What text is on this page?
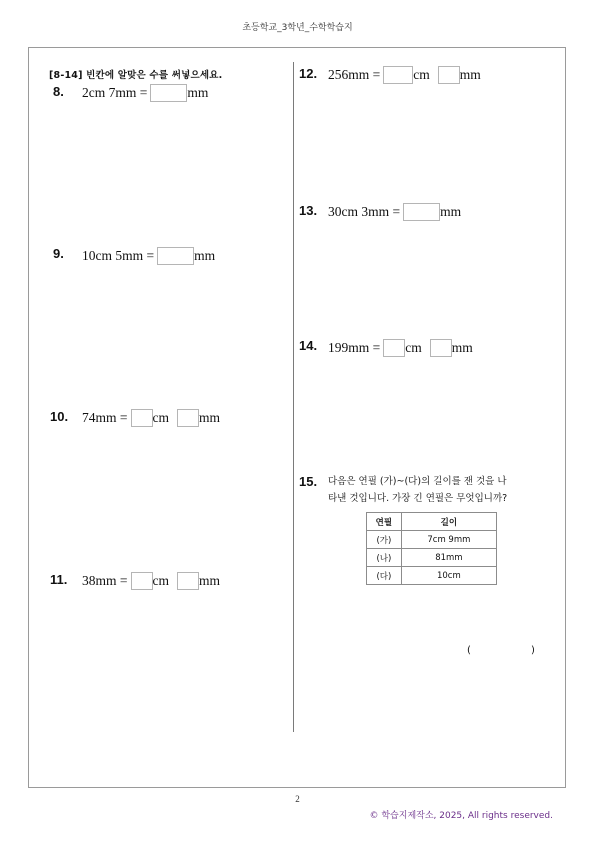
초등학교_3학년_수학학습지
[8-14] 빈칸에 알맞은 수를 써넣으세요.
8. 2cm 7mm =	mm
9. 10cm 5mm =	mm
10. 74mm = cm mm
11. 38mm = cm mm
12. 256mm = cm mm
13. 30cm 3mm =	mm
14. 199mm = cm mm
15. 다음은 연필 (가)~(다)의 길이를 잰 것을 나
타낸 것입니다. 가장 긴 연필은 무엇입니까?
연필	길이
(가)	7cm 9mm
(나)	81mm
(다)	10cm
(	)
2
© 학습지제작소, 2025, All rights reserved.
